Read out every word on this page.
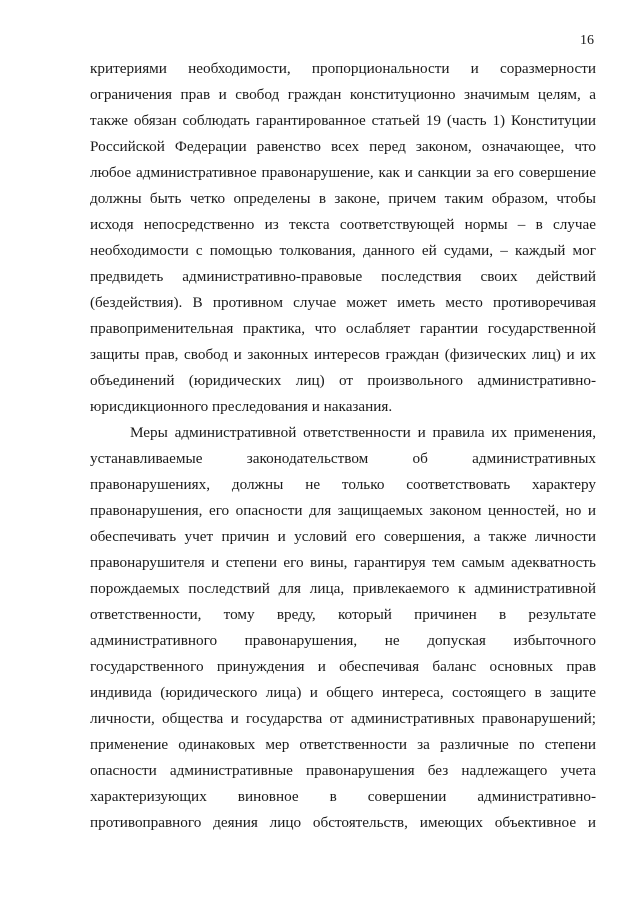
16
критериями необходимости, пропорциональности и соразмерности
ограничения прав и свобод граждан конституционно значимым целям, а
также обязан соблюдать гарантированное статьей 19 (часть 1) Конституции
Российской Федерации равенство всех перед законом, означающее, что
любое административное правонарушение, как и санкции за его совершение
должны быть четко определены в законе, причем таким образом, чтобы
исходя непосредственно из текста соответствующей нормы – в случае
необходимости с помощью толкования, данного ей судами, – каждый мог
предвидеть административно-правовые последствия своих действий
(бездействия). В противном случае может иметь место противоречивая
правоприменительная практика, что ослабляет гарантии государственной
защиты прав, свобод и законных интересов граждан (физических лиц) и их
объединений (юридических лиц) от произвольного административно-
юрисдикционного преследования и наказания.
Меры административной ответственности и правила их применения,
устанавливаемые законодательством об административных
правонарушениях, должны не только соответствовать характеру
правонарушения, его опасности для защищаемых законом ценностей, но и
обеспечивать учет причин и условий его совершения, а также личности
правонарушителя и степени его вины, гарантируя тем самым адекватность
порождаемых последствий для лица, привлекаемого к административной
ответственности, тому вреду, который причинен в результате
административного правонарушения, не допуская избыточного
государственного принуждения и обеспечивая баланс основных прав
индивида (юридического лица) и общего интереса, состоящего в защите
личности, общества и государства от административных правонарушений;
применение одинаковых мер ответственности за различные по степени
опасности административные правонарушения без надлежащего учета
характеризующих виновное в совершении административно-
противоправного деяния лицо обстоятельств, имеющих объективное и
